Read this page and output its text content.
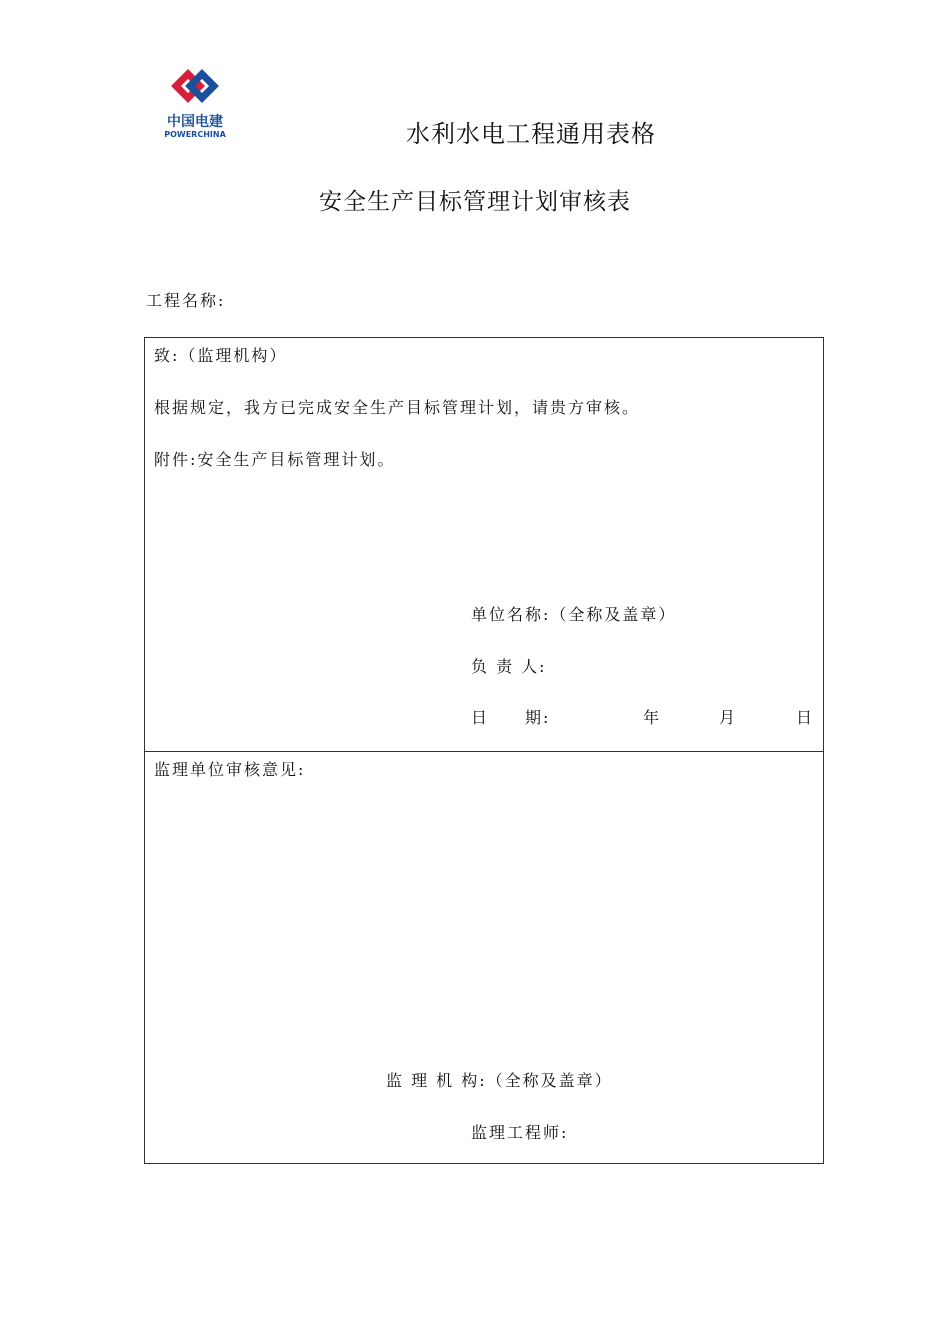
中国电建
POWERCHINA	水利水电工程通用表格
安全生产目标管理计划审核表
工程名称:
致:（监理机构）
根据规定，我方已完成安全生产目标管理计划，请贵方审核。
附件:安全生产目标管理计划。
单位名称:（全称及盖章）
负 责 人:
日　　期:	年	月	日
监理单位审核意见:
监 理 机 构:（全称及盖章）
监理工程师:
